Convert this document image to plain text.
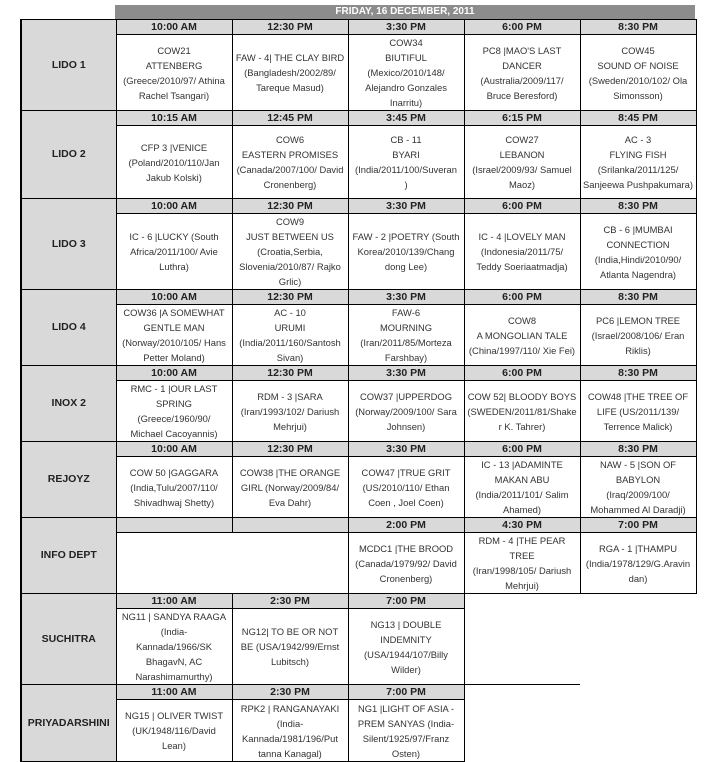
FRIDAY, 16 DECEMBER, 2011
LIDO 1	10:00 AM	12:30 PM	3:30 PM	6:00 PM	8:30 PM

	COW21
ATTENBERG
(Greece/2010/97/ Athina
Rachel Tsangari)	FAW - 4| THE CLAY BIRD
(Bangladesh/2002/89/
Tareque Masud)	COW34
BIUTIFUL
(Mexico/2010/148/
Alejandro Gonzales
Inarritu)	PC8 |MAO'S LAST
DANCER
(Australia/2009/117/
Bruce Beresford)	COW45
SOUND OF NOISE
(Sweden/2010/102/ Ola
Simonsson)

LIDO 2	10:15 AM	12:45 PM	3:45 PM	6:15 PM	8:45 PM

	CFP 3 |VENICE
(Poland/2010/110/Jan
Jakub Kolski)	COW6
EASTERN PROMISES
(Canada/2007/100/ David
Cronenberg)	CB - 11
BYARI
(India/2011/100/Suveran
)	COW27
LEBANON
(Israel/2009/93/ Samuel
Maoz)	AC - 3
FLYING FISH
(Srilanka/2011/125/
Sanjeewa Pushpakumara)

LIDO 3	10:00 AM	12:30 PM	3:30 PM	6:00 PM	8:30 PM

	IC - 6 |LUCKY (South
Africa/2011/100/ Avie
Luthra)	COW9
JUST BETWEEN US
(Croatia,Serbia,
Slovenia/2010/87/ Rajko
Grlic)	FAW - 2 |POETRY (South
Korea/2010/139/Chang
dong Lee)	IC - 4 |LOVELY MAN
(Indonesia/2011/75/
Teddy Soeriaatmadja)	CB - 6 |MUMBAI
CONNECTION
(India,Hindi/2010/90/
Atlanta Nagendra)

LIDO 4	10:00 AM	12:30 PM	3:30 PM	6:00 PM	8:30 PM

	COW36 |A SOMEWHAT
GENTLE MAN
(Norway/2010/105/ Hans
Petter Moland)	AC - 10
URUMI
(India/2011/160/Santosh
Sivan)	FAW-6
MOURNING
(Iran/2011/85/Morteza
Farshbay)	COW8
A MONGOLIAN TALE
(China/1997/110/ Xie Fei)	PC6 |LEMON TREE
(Israel/2008/106/ Eran
Riklis)

INOX 2	10:00 AM	12:30 PM	3:30 PM	6:00 PM	8:30 PM

	RMC - 1 |OUR LAST
SPRING
(Greece/1960/90/
Michael Cacoyannis)	RDM - 3 |SARA
(Iran/1993/102/ Dariush
Mehrjui)	COW37 |UPPERDOG
(Norway/2009/100/ Sara
Johnsen)	COW 52| BLOODY BOYS
(SWEDEN/2011/81/Shake
r K. Tahrer)	COW48 |THE TREE OF
LIFE (US/2011/139/
Terrence Malick)

REJOYZ	10:00 AM	12:30 PM	3:30 PM	6:00 PM	8:30 PM

	COW 50 |GAGGARA
(India,Tulu/2007/110/
Shivadhwaj Shetty)	COW38 |THE ORANGE
GIRL (Norway/2009/84/
Eva Dahr)	COW47 |TRUE GRIT
(US/2010/110/ Ethan
Coen , Joel Coen)	IC - 13 |ADAMINTE
MAKAN ABU
(India/2011/101/ Salim
Ahamed)	NAW - 5 |SON OF
BABYLON
(Iraq/2009/100/
Mohammed Al Daradji)

INFO DEPT			2:00 PM	4:30 PM	7:00 PM

			MCDC1 |THE BROOD
(Canada/1979/92/ David
Cronenberg)	RDM - 4 |THE PEAR TREE
(Iran/1998/105/ Dariush
Mehrjui)	RGA - 1 |THAMPU
(India/1978/129/G.Aravin
dan)

SUCHITRA	11:00 AM	2:30 PM	7:00 PM		

	NG11 | SANDYA RAAGA
(India-
Kannada/1966/SK
BhagavN, AC
Narashimamurthy)	NG12| TO BE OR NOT
BE (USA/1942/99/Ernst
Lubitsch)	NG13 | DOUBLE
INDEMNITY
(USA/1944/107/Billy
Wilder)		

PRIYADARSHINI	11:00 AM	2:30 PM	7:00 PM		

	NG15 | OLIVER TWIST
(UK/1948/116/David
Lean)	RPK2 | RANGANAYAKI
(India-
Kannada/1981/196/Put
tanna Kanagal)	NG1 |LIGHT OF ASIA -
PREM SANYAS (India-
Silent/1925/97/Franz
Osten)		
